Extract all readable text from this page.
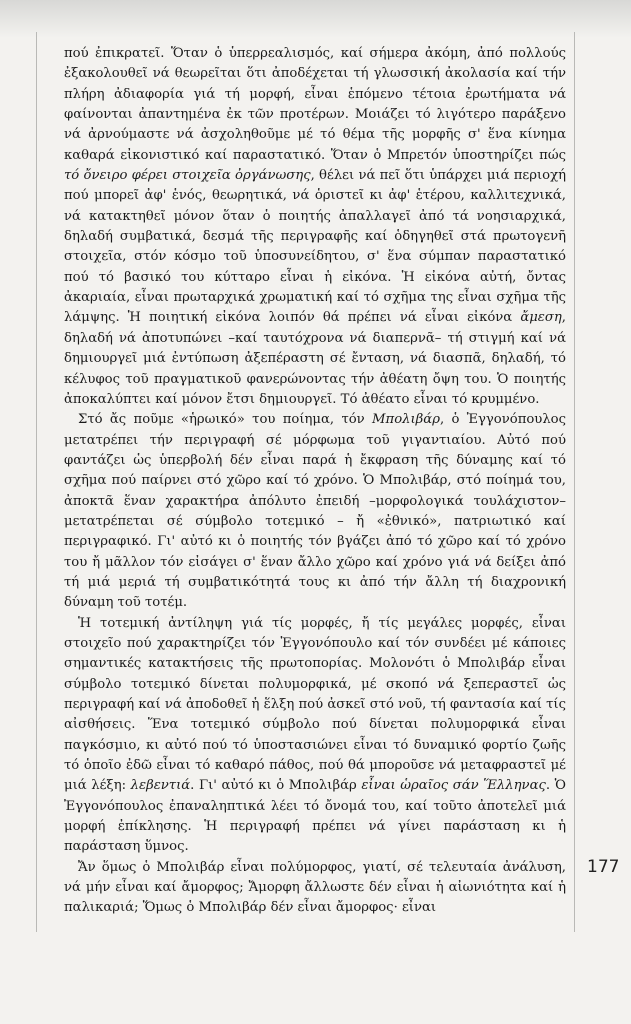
πού ἐπικρατεῖ. Ὅταν ὁ ὑπερρεαλισμός, καί σήμερα ἀκόμη, ἀπό πολλούς ἐξακολουθεῖ νά θεωρεῖται ὅτι ἀποδέχεται τή γλωσσική ἀκολασία καί τήν πλήρη ἀδιαφορία γιά τή μορφή, εἶναι ἑπόμενο τέτοια ἐρωτήματα νά φαίνονται ἀπαντημένα ἐκ τῶν προτέρων. Μοιάζει τό λιγότερο παράξενο νά ἀρνούμαστε νά ἀσχοληθοῦμε μέ τό θέμα τῆς μορφῆς σ' ἕνα κίνημα καθαρά εἰκονιστικό καί παραστατικό. Ὅταν ὁ Μπρετόν ὑποστηρίζει πώς τό ὄνειρο φέρει στοιχεῖα ὀργάνωσης, θέλει νά πεῖ ὅτι ὑπάρχει μιά περιοχή πού μπορεῖ ἀφ' ἑνός, θεωρητικά, νά ὁριστεῖ κι ἀφ' ἑτέρου, καλλιτεχνικά, νά κατακτηθεῖ μόνον ὅταν ὁ ποιητής ἀπαλλαγεῖ ἀπό τά νοησιαρχικά, δηλαδή συμβατικά, δεσμά τῆς περιγραφῆς καί ὁδηγηθεῖ στά πρωτογενῆ στοιχεῖα, στόν κόσμο τοῦ ὑποσυνείδητου, σ' ἕνα σύμπαν παραστατικό πού τό βασικό του κύτταρο εἶναι ἡ εἰκόνα. Ἡ εἰκόνα αὐτή, ὄντας ἀκαριαία, εἶναι πρωταρχικά χρωματική καί τό σχῆμα της εἶναι σχῆμα τῆς λάμψης. Ἡ ποιητική εἰκόνα λοιπόν θά πρέπει νά εἶναι εἰκόνα ἄμεση, δηλαδή νά ἀποτυπώνει –καί ταυτόχρονα νά διαπερνᾶ– τή στιγμή καί νά δημιουργεῖ μιά ἐντύπωση ἀξεπέραστη σέ ἔνταση, νά διασπᾶ, δηλαδή, τό κέλυφος τοῦ πραγματικοῦ φανερώνοντας τήν ἀθέατη ὄψη του. Ὁ ποιητής ἀποκαλύπτει καί μόνον ἔτσι δημιουργεῖ. Τό ἀθέατο εἶναι τό κρυμμένο.

Στό ἄς ποῦμε «ἡρωικό» του ποίημα, τόν Μπολιβάρ, ὁ Ἐγγονόπουλος μετατρέπει τήν περιγραφή σέ μόρφωμα τοῦ γιγαντιαίου. Αὐτό πού φαντάζει ὡς ὑπερβολή δέν εἶναι παρά ἡ ἔκφραση τῆς δύναμης καί τό σχῆμα πού παίρνει στό χῶρο καί τό χρόνο. Ὁ Μπολιβάρ, στό ποίημά του, ἀποκτᾶ ἕναν χαρακτήρα ἀπόλυτο ἐπειδή –μορφολογικά τουλάχιστον– μετατρέπεται σέ σύμβολο τοτεμικό – ἤ «ἐθνικό», πατριωτικό καί περιγραφικό. Γι' αὐτό κι ὁ ποιητής τόν βγάζει ἀπό τό χῶρο καί τό χρόνο του ἤ μᾶλλον τόν εἰσάγει σ' ἕναν ἄλλο χῶρο καί χρόνο γιά νά δείξει ἀπό τή μιά μεριά τή συμβατικότητά τους κι ἀπό τήν ἄλλη τή διαχρονική δύναμη τοῦ τοτέμ.

Ἡ τοτεμική ἀντίληψη γιά τίς μορφές, ἤ τίς μεγάλες μορφές, εἶναι στοιχεῖο πού χαρακτηρίζει τόν Ἐγγονόπουλο καί τόν συνδέει μέ κάποιες σημαντικές κατακτήσεις τῆς πρωτοπορίας. Μολονότι ὁ Μπολιβάρ εἶναι σύμβολο τοτεμικό δίνεται πολυμορφικά, μέ σκοπό νά ξεπεραστεῖ ὡς περιγραφή καί νά ἀποδοθεῖ ἡ ἕλξη πού ἀσκεῖ στό νοῦ, τή φαντασία καί τίς αἰσθήσεις. Ἕνα τοτεμικό σύμβολο πού δίνεται πολυμορφικά εἶναι παγκόσμιο, κι αὐτό πού τό ὑποστασιώνει εἶναι τό δυναμικό φορτίο ζωῆς τό ὁποῖο ἐδῶ εἶναι τό καθαρό πάθος, πού θά μποροῦσε νά μεταφραστεῖ μέ μιά λέξη: λεβεντιά. Γι' αὐτό κι ὁ Μπολιβάρ εἶναι ὡραῖος σάν Ἕλληνας. Ὁ Ἐγγονόπουλος ἐπαναληπτικά λέει τό ὄνομά του, καί τοῦτο ἀποτελεῖ μιά μορφή ἐπίκλησης. Ἡ περιγραφή πρέπει νά γίνει παράσταση κι ἡ παράσταση ὕμνος.

Ἄν ὅμως ὁ Μπολιβάρ εἶναι πολύμορφος, γιατί, σέ τελευταία ἀνάλυση, νά μήν εἶναι καί ἄμορφος; Ἄμορφη ἄλλωστε δέν εἶναι ἡ αἰωνιότητα καί ἡ παλικαριά; Ὅμως ὁ Μπολιβάρ δέν εἶναι ἄμορφος· εἶναι

177
